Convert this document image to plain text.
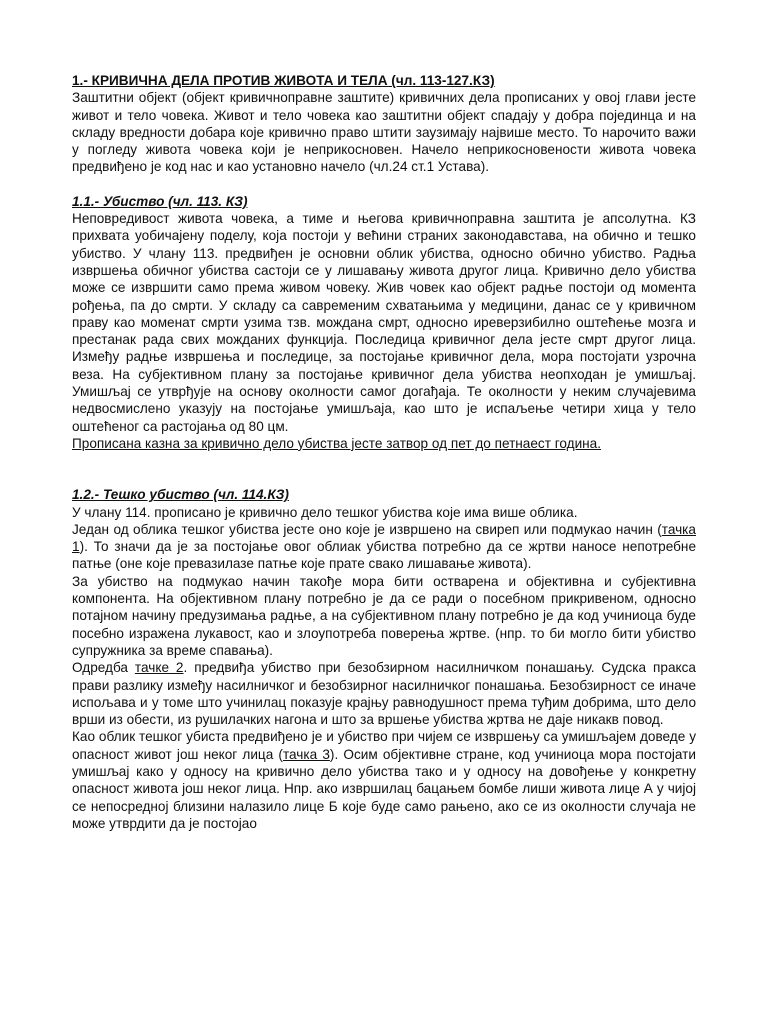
1.- КРИВИЧНА ДЕЛА ПРОТИВ ЖИВОТА И ТЕЛА (чл. 113-127.КЗ)

Заштитни објект (објект кривичноправне заштите) кривичних дела прописаних у овој глави јесте живот и тело човека. Живот и тело човека као заштитни објект спадају у добра појединца и на складу вредности добара које кривично право штити заузимају највише место. То нарочито важи у погледу живота човека који је неприкосновен. Начело неприкосновености живота човека предвиђено је код нас и као установно начело (чл.24 ст.1 Устава).

1.1.- Убиство (чл. 113. КЗ)

Неповредивост живота човека, а тиме и његова кривичноправна заштита је апсолутна. КЗ прихвата уобичајену поделу, која постоји у већини страних законодавстава, на обично и тешко убиство. У члану 113. предвиђен је основни облик убиства, односно обично убиство. Радња извршења обичног убиства састоји се у лишавању живота другог лица. Кривично дело убиства може се извршити само према живом човеку. Жив човек као објект радње постоји од момента рођења, па до смрти. У складу са савременим схватањима у медицини, данас се у кривичном праву као моменат смрти узима тзв. мождана смрт, односно иреверзибилно оштећење мозга и престанак рада свих можданих функција. Последица кривичног дела јесте смрт другог лица. Између радње извршења и последице, за постојање кривичног дела, мора постојати узрочна веза. На субјективном плану за постојање кривичног дела убиства неопходан је умишљај. Умишљај се утврђује на основу околности самог догађаја. Те околности у неким случајевима недвосмислено указују на постојање умишљаја, као што је испаљење четири хица у тело оштећеног са растојања од 80 цм.

Прописана казна за кривично дело убиства јесте затвор од пет до петнаест година.

1.2.- Тешко убиство (чл. 114.КЗ)

У члану 114. прописано је кривично дело тешког убиства које има више облика.

Један од облика тешког убиства јесте оно које је извршено на свиреп или подмукао начин (тачка 1). То значи да је за постојање овог облиак убиства потребно да се жртви наносе непотребне патње (оне које превазилазе патње које прате свако лишавање живота).

За убиство на подмукао начин такође мора бити остварена и објективна и субјективна компонента. На објективном плану потребно је да се ради о посебном прикривеном, односно потајном начину предузимања радње, а на субјективном плану потребно је да код учиниоца буде посебно изражена лукавост, као и злоупотреба поверења жртве. (нпр. то би могло бити убиство супружника за време спавања).

Одредба тачке 2. предвиђа убиство при безобзирном насилничком понашању. Судска пракса прави разлику између насилничког и безобзирног насилничког понашања. Безобзирност се иначе испољава и у томе што учинилац показује крајњу равнодушност према туђим добрима, што дело врши из обести, из рушилачких нагона и што за вршење убиства жртва не даје никакв повод.

Као облик тешког убиста предвиђено је и убиство при чијем се извршењу са умишљајем доведе у опасност живот још неког лица (тачка 3). Осим објективне стране, код учиниоца мора постојати умишљај како у односу на кривично дело убиства тако и у односу на довођење у конкретну опасност живота још неког лица. Нпр. ако извршилац бацањем бомбе лиши живота лице А у чијој се непосредној близини налазило лице Б које буде само рањено, ако се из околности случаја не може утврдити да је постојао
